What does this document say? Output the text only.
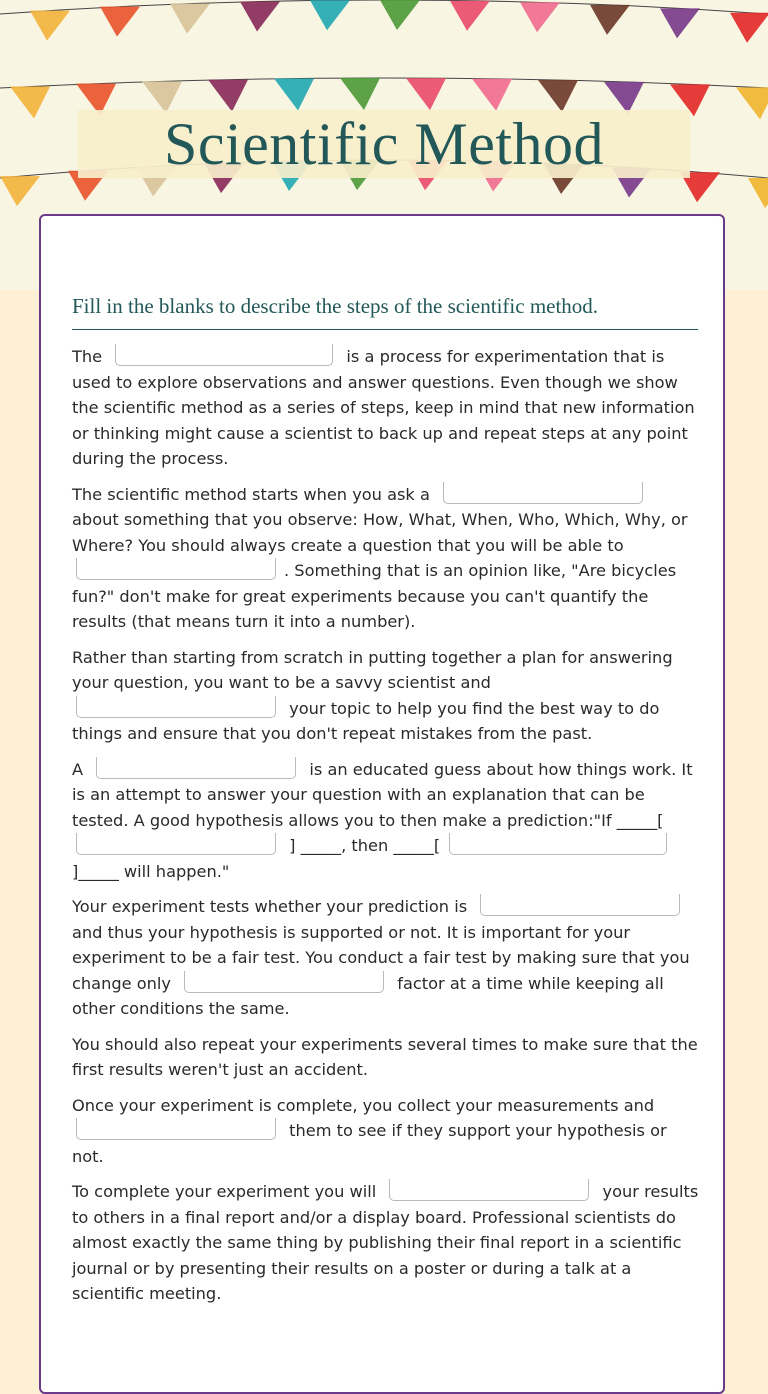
Scientific Method
Fill in the blanks to describe the steps of the scientific method.

The	is a process for experimentation that is used to explore observations and answer questions. Even though we show the scientific method as a series of steps, keep in mind that new information or thinking might cause a scientist to back up and repeat steps at any point during the process.

The scientific method starts when you ask a  about something that you observe: How, What, When, Who, Which, Why, or Where? You should always create a question that you will be able to . Something that is an opinion like, "Are bicycles fun?" don't make for great experiments because you can't quantify the results (that means turn it into a number).

Rather than starting from scratch in putting together a plan for answering your question, you want to be a savvy scientist and  your topic to help you find the best way to do things and ensure that you don't repeat mistakes from the past.

A	is an educated guess about how things work. It is an attempt to answer your question with an explanation that can be tested. A good hypothesis allows you to then make a prediction:"If _____[  ] _____, then _____[  ]_____ will happen."

Your experiment tests whether your prediction is  and thus your hypothesis is supported or not. It is important for your experiment to be a fair test. You conduct a fair test by making sure that you change only	factor at a time while keeping all other conditions the same.

You should also repeat your experiments several times to make sure that the first results weren't just an accident.

Once your experiment is complete, you collect your measurements and  them to see if they support your hypothesis or not.

To complete your experiment you will	your results to others in a final report and/or a display board. Professional scientists do almost exactly the same thing by publishing their final report in a scientific journal or by presenting their results on a poster or during a talk at a scientific meeting.
